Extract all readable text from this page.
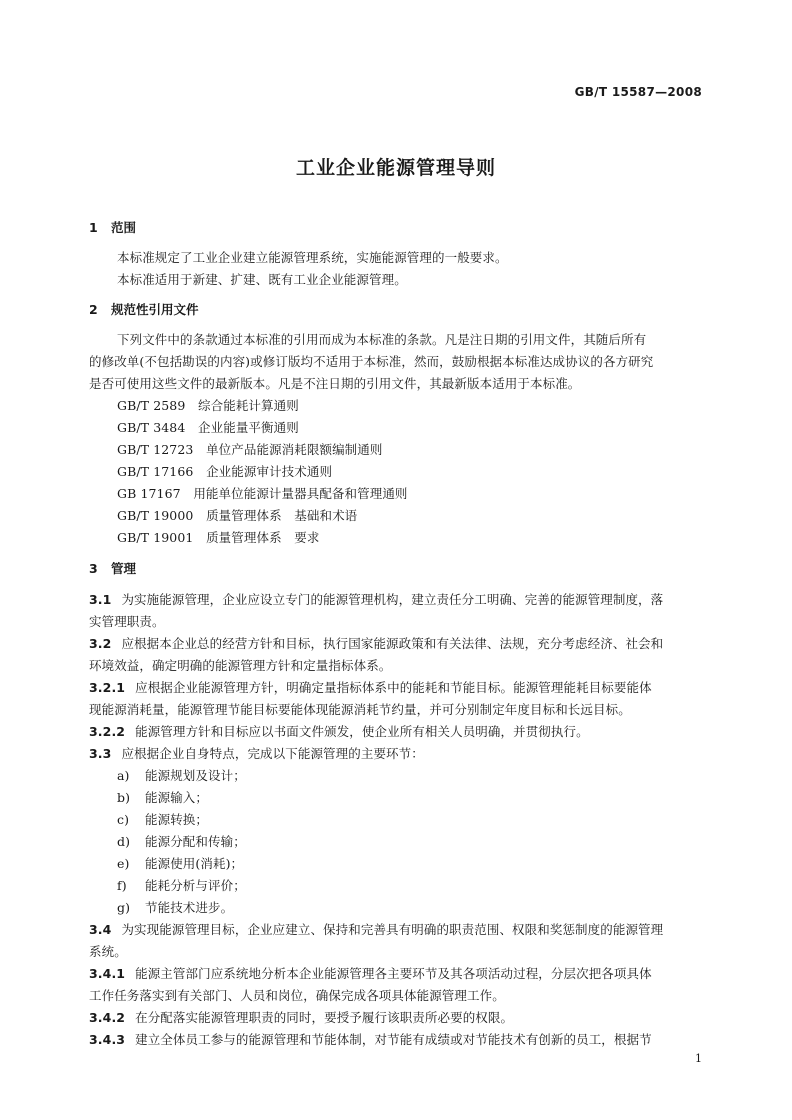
GB/T 15587—2008
工业企业能源管理导则
1 范围
本标准规定了工业企业建立能源管理系统，实施能源管理的一般要求。
本标准适用于新建、扩建、既有工业企业能源管理。
2 规范性引用文件
下列文件中的条款通过本标准的引用而成为本标准的条款。凡是注日期的引用文件，其随后所有
的修改单(不包括勘误的内容)或修订版均不适用于本标准，然而，鼓励根据本标准达成协议的各方研究
是否可使用这些文件的最新版本。凡是不注日期的引用文件，其最新版本适用于本标准。
GB/T 2589　 综合能耗计算通则
GB/T 3484　 企业能量平衡通则
GB/T 12723　 单位产品能源消耗限额编制通则
GB/T 17166　 企业能源审计技术通则
GB 17167　 用能单位能源计量器具配备和管理通则
GB/T 19000　 质量管理体系　基础和术语
GB/T 19001　 质量管理体系　要求
3 管理
3.1 为实施能源管理，企业应设立专门的能源管理机构，建立责任分工明确、完善的能源管理制度，落
实管理职责。
3.2 应根据本企业总的经营方针和目标，执行国家能源政策和有关法律、法规，充分考虑经济、社会和
环境效益，确定明确的能源管理方针和定量指标体系。
3.2.1 应根据企业能源管理方针，明确定量指标体系中的能耗和节能目标。能源管理能耗目标要能体
现能源消耗量，能源管理节能目标要能体现能源消耗节约量，并可分别制定年度目标和长远目标。
3.2.2 能源管理方针和目标应以书面文件颁发，使企业所有相关人员明确，并贯彻执行。
3.3 应根据企业自身特点，完成以下能源管理的主要环节：
a) 能源规划及设计；
b) 能源输入；
c) 能源转换；
d) 能源分配和传输；
e) 能源使用(消耗)；
f) 能耗分析与评价；
g) 节能技术进步。
3.4 为实现能源管理目标，企业应建立、保持和完善具有明确的职责范围、权限和奖惩制度的能源管理
系统。
3.4.1 能源主管部门应系统地分析本企业能源管理各主要环节及其各项活动过程，分层次把各项具体
工作任务落实到有关部门、人员和岗位，确保完成各项具体能源管理工作。
3.4.2 在分配落实能源管理职责的同时，要授予履行该职责所必要的权限。
3.4.3 建立全体员工参与的能源管理和节能体制，对节能有成绩或对节能技术有创新的员工，根据节
1
